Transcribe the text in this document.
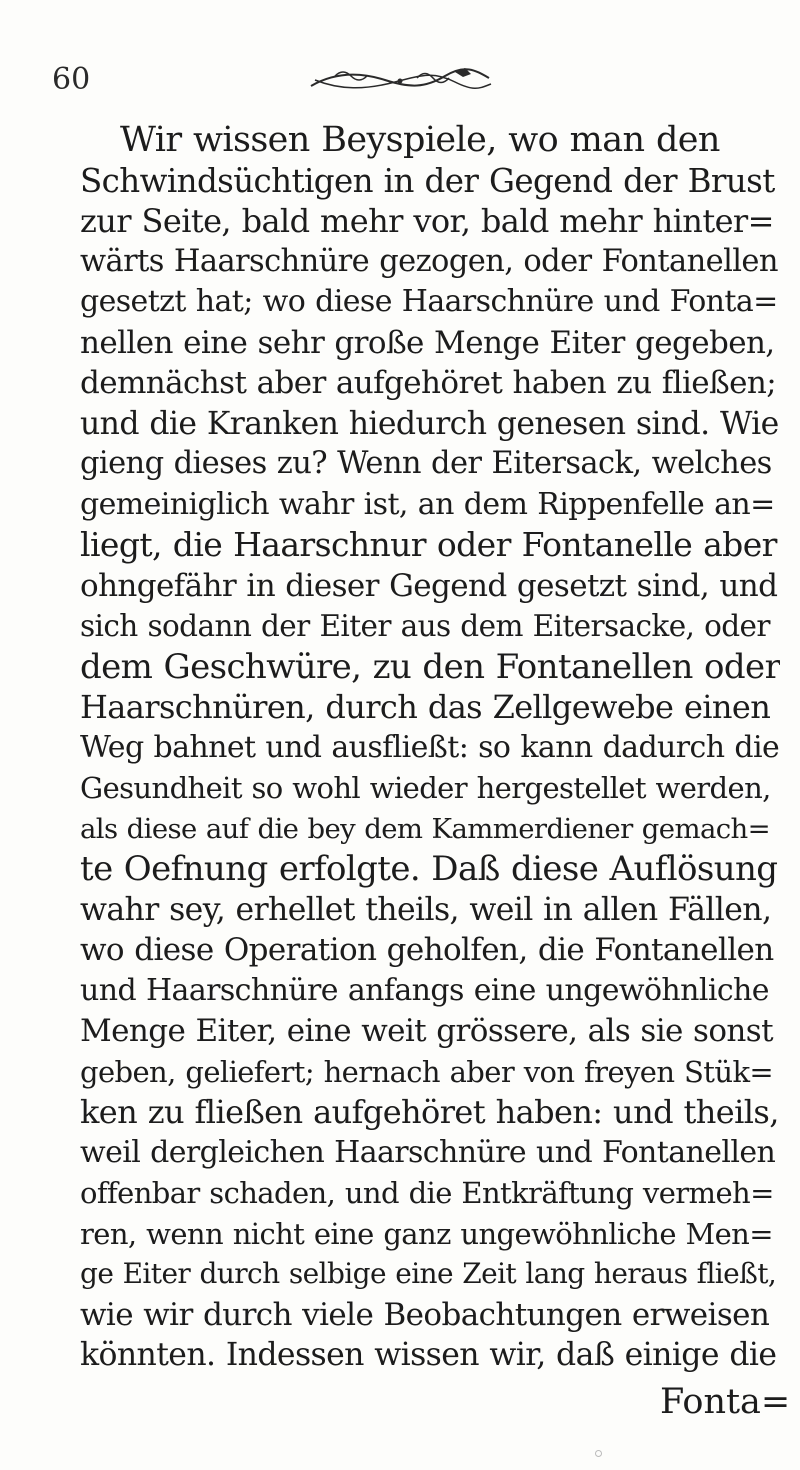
60
Wir wissen Beyspiele, wo man den
Schwindsüchtigen in der Gegend der Brust
zur Seite, bald mehr vor, bald mehr hinter=
wärts Haarschnüre gezogen, oder Fontanellen
gesetzt hat; wo diese Haarschnüre und Fonta=
nellen eine sehr große Menge Eiter gegeben,
demnächst aber aufgehöret haben zu fließen;
und die Kranken hiedurch genesen sind. Wie
gieng dieses zu? Wenn der Eitersack, welches
gemeiniglich wahr ist, an dem Rippenfelle an=
liegt, die Haarschnur oder Fontanelle aber
ohngefähr in dieser Gegend gesetzt sind, und
sich sodann der Eiter aus dem Eitersacke, oder
dem Geschwüre, zu den Fontanellen oder
Haarschnüren, durch das Zellgewebe einen
Weg bahnet und ausfließt: so kann dadurch die
Gesundheit so wohl wieder hergestellet werden,
als diese auf die bey dem Kammerdiener gemach=
te Oefnung erfolgte. Daß diese Auflösung
wahr sey, erhellet theils, weil in allen Fällen,
wo diese Operation geholfen, die Fontanellen
und Haarschnüre anfangs eine ungewöhnliche
Menge Eiter, eine weit grössere, als sie sonst
geben, geliefert; hernach aber von freyen Stük=
ken zu fließen aufgehöret haben: und theils,
weil dergleichen Haarschnüre und Fontanellen
offenbar schaden, und die Entkräftung vermeh=
ren, wenn nicht eine ganz ungewöhnliche Men=
ge Eiter durch selbige eine Zeit lang heraus fließt,
wie wir durch viele Beobachtungen erweisen
könnten. Indessen wissen wir, daß einige die
Fonta=
